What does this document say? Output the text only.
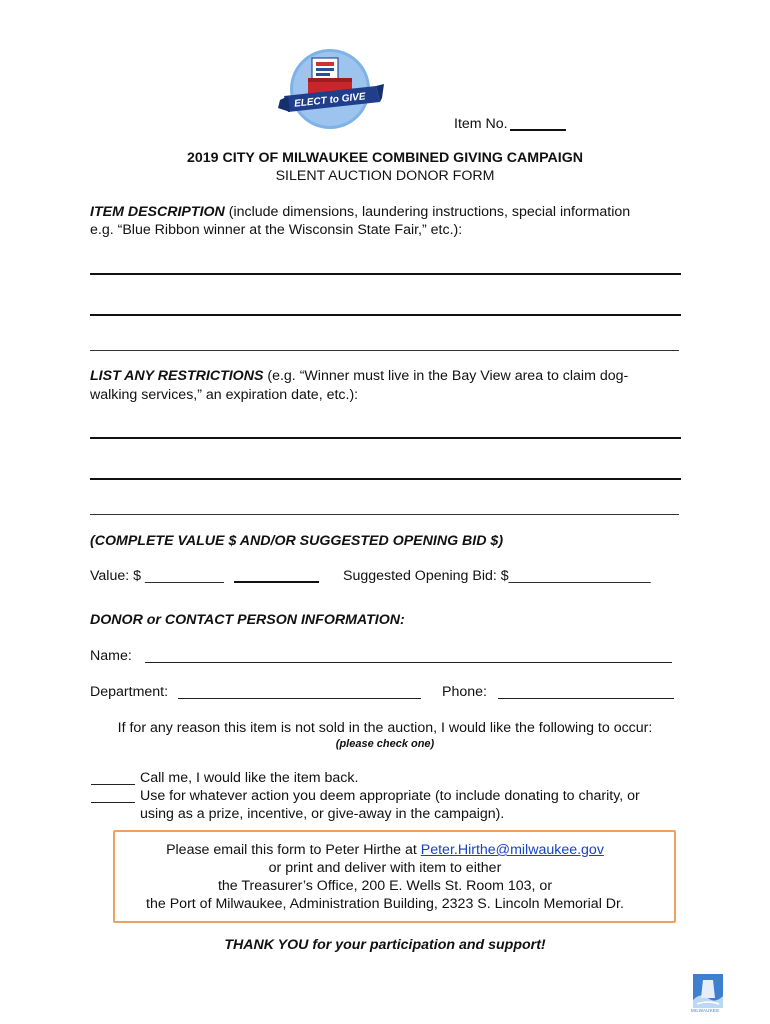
ELECT to GIVE
Item No.
2019 CITY OF MILWAUKEE COMBINED GIVING CAMPAIGN
SILENT AUCTION DONOR FORM
ITEM DESCRIPTION (include dimensions, laundering instructions, special information
e.g. “Blue Ribbon winner at the Wisconsin State Fair,” etc.):
LIST ANY RESTRICTIONS (e.g. “Winner must live in the Bay View area to claim dog-
walking services,” an expiration date, etc.):
(COMPLETE VALUE $ AND/OR SUGGESTED OPENING BID $)
Value: $ __________	Suggested Opening Bid: $__________________
DONOR or CONTACT PERSON INFORMATION:
Name:
Department:	Phone:
If for any reason this item is not sold in the auction, I would like the following to occur:
(please check one)
Call me, I would like the item back.
Use for whatever action you deem appropriate (to include donating to charity, or
using as a prize, incentive, or give-away in the campaign).
Please email this form to Peter Hirthe at Peter.Hirthe@milwaukee.gov
or print and deliver with item to either
the Treasurer’s Office, 200 E. Wells St. Room 103, or
the Port of Milwaukee, Administration Building, 2323 S. Lincoln Memorial Dr.
THANK YOU for your participation and support!
MILWAUKEE
